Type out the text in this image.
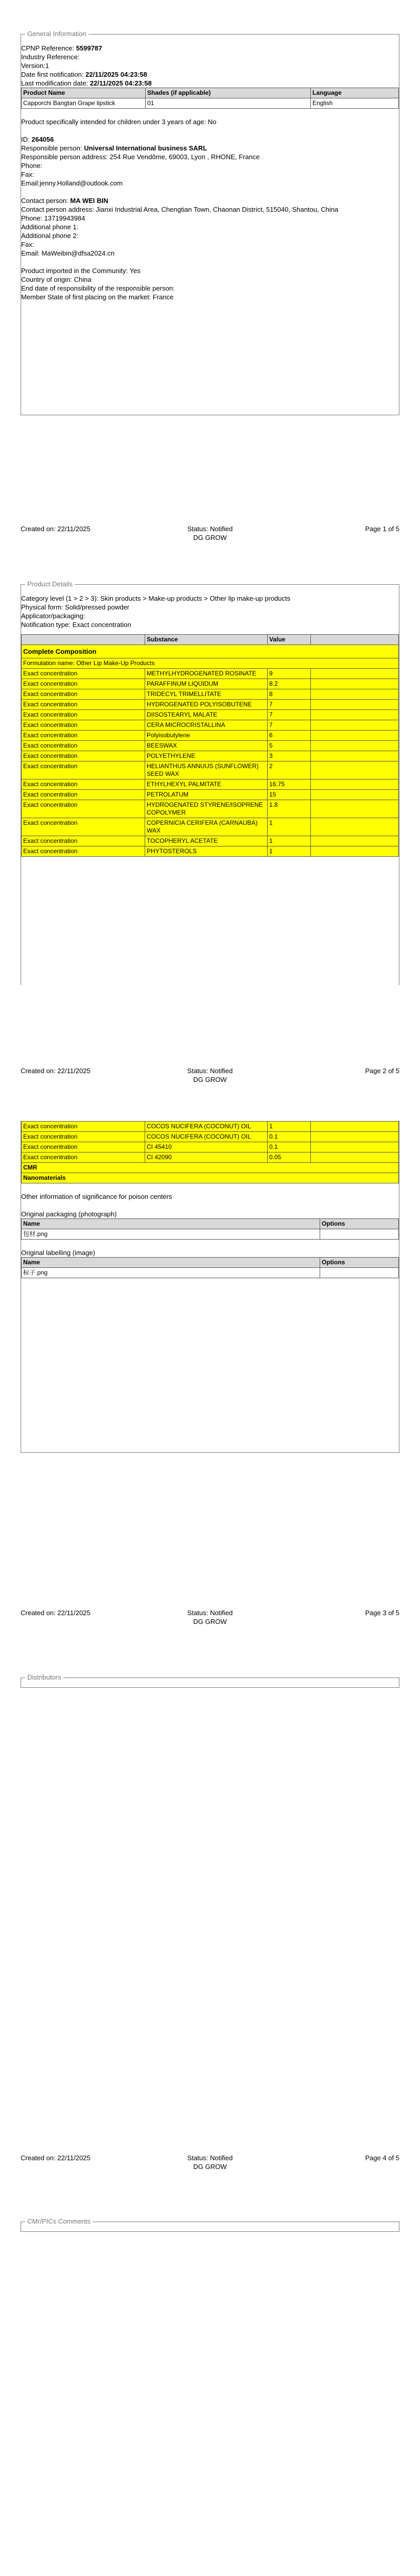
General Information
CPNP Reference: 5599787
Industry Reference:
Version:1
Date first notification: 22/11/2025 04:23:58
Last modification date: 22/11/2025 04:23:58
Product Name	Shades (if applicable)	Language
Capporchi Bangtan Grape lipstick	01	English
Product specifically intended for children under 3 years of age: No
ID: 264056
Responsible person: Universal International business SARL
Responsible person address: 254 Rue Vendôme, 69003, Lyon , RHONE, France
Phone:
Fax:
Email:jenny.Holland@outlook.com
Contact person: MA WEI BIN
Contact person address: Jianxi Industrial Area, Chengtian Town, Chaonan District, 515040, Shantou, China
Phone: 13719943984
Additional phone 1:
Additional phone 2:
Fax:
Email: MaWeibin@dfsa2024.cn
Product imported in the Community: Yes
Country of origin: China
End date of responsibility of the responsible person:
Member State of first placing on the market: France
Created on: 22/11/2025	Status: Notified
DG GROW
Page 1 of 5
Product Details
Category level (1 > 2 > 3): Skin products > Make-up products > Other lip make-up products
Physical form: Solid/pressed powder
Applicator/packaging:
Notification type: Exact concentration
	Substance	Value	
Complete Composition			
Formulation name: Other Lip Make-Up Products			
Exact concentration	METHYLHYDROGENATED ROSINATE	9	
Exact concentration	PARAFFINUM LIQUIDUM	8.2	
Exact concentration	TRIDECYL TRIMELLITATE	8	
Exact concentration	HYDROGENATED POLYISOBUTENE	7	
Exact concentration	DIISOSTEARYL MALATE	7	
Exact concentration	CERA MICROCRISTALLINA	7	
Exact concentration	Polyisobutylene	6	
Exact concentration	BEESWAX	5	
Exact concentration	POLYETHYLENE	3	
Exact concentration	HELIANTHUS ANNUUS (SUNFLOWER) SEED WAX	2	
Exact concentration	ETHYLHEXYL PALMITATE	16.75	
Exact concentration	PETROLATUM	15	
Exact concentration	HYDROGENATED STYRENE/ISOPRENE COPOLYMER	1.8	
Exact concentration	COPERNICIA CERIFERA (CARNAUBA) WAX	1	
Exact concentration	TOCOPHERYL ACETATE	1	
Exact concentration	PHYTOSTEROLS	1	
Created on: 22/11/2025	Status: Notified
DG GROW
Page 2 of 5
Exact concentration	COCOS NUCIFERA (COCONUT) OIL	1	
Exact concentration	COCOS NUCIFERA (COCONUT) OIL	0.1	
Exact concentration	CI 45410	0.1	
Exact concentration	CI 42090	0.05	
CMR			
Nanomaterials			
Other information of significance for poison centers
Original packaging (photograph)
Name	Options
包材.png	
Original labelling (image)
Name	Options
标子.png	
Created on: 22/11/2025	Status: Notified
DG GROW
Page 3 of 5
Distributors
Created on: 22/11/2025	Status: Notified
DG GROW
Page 4 of 5
CMr/PICs Comments
